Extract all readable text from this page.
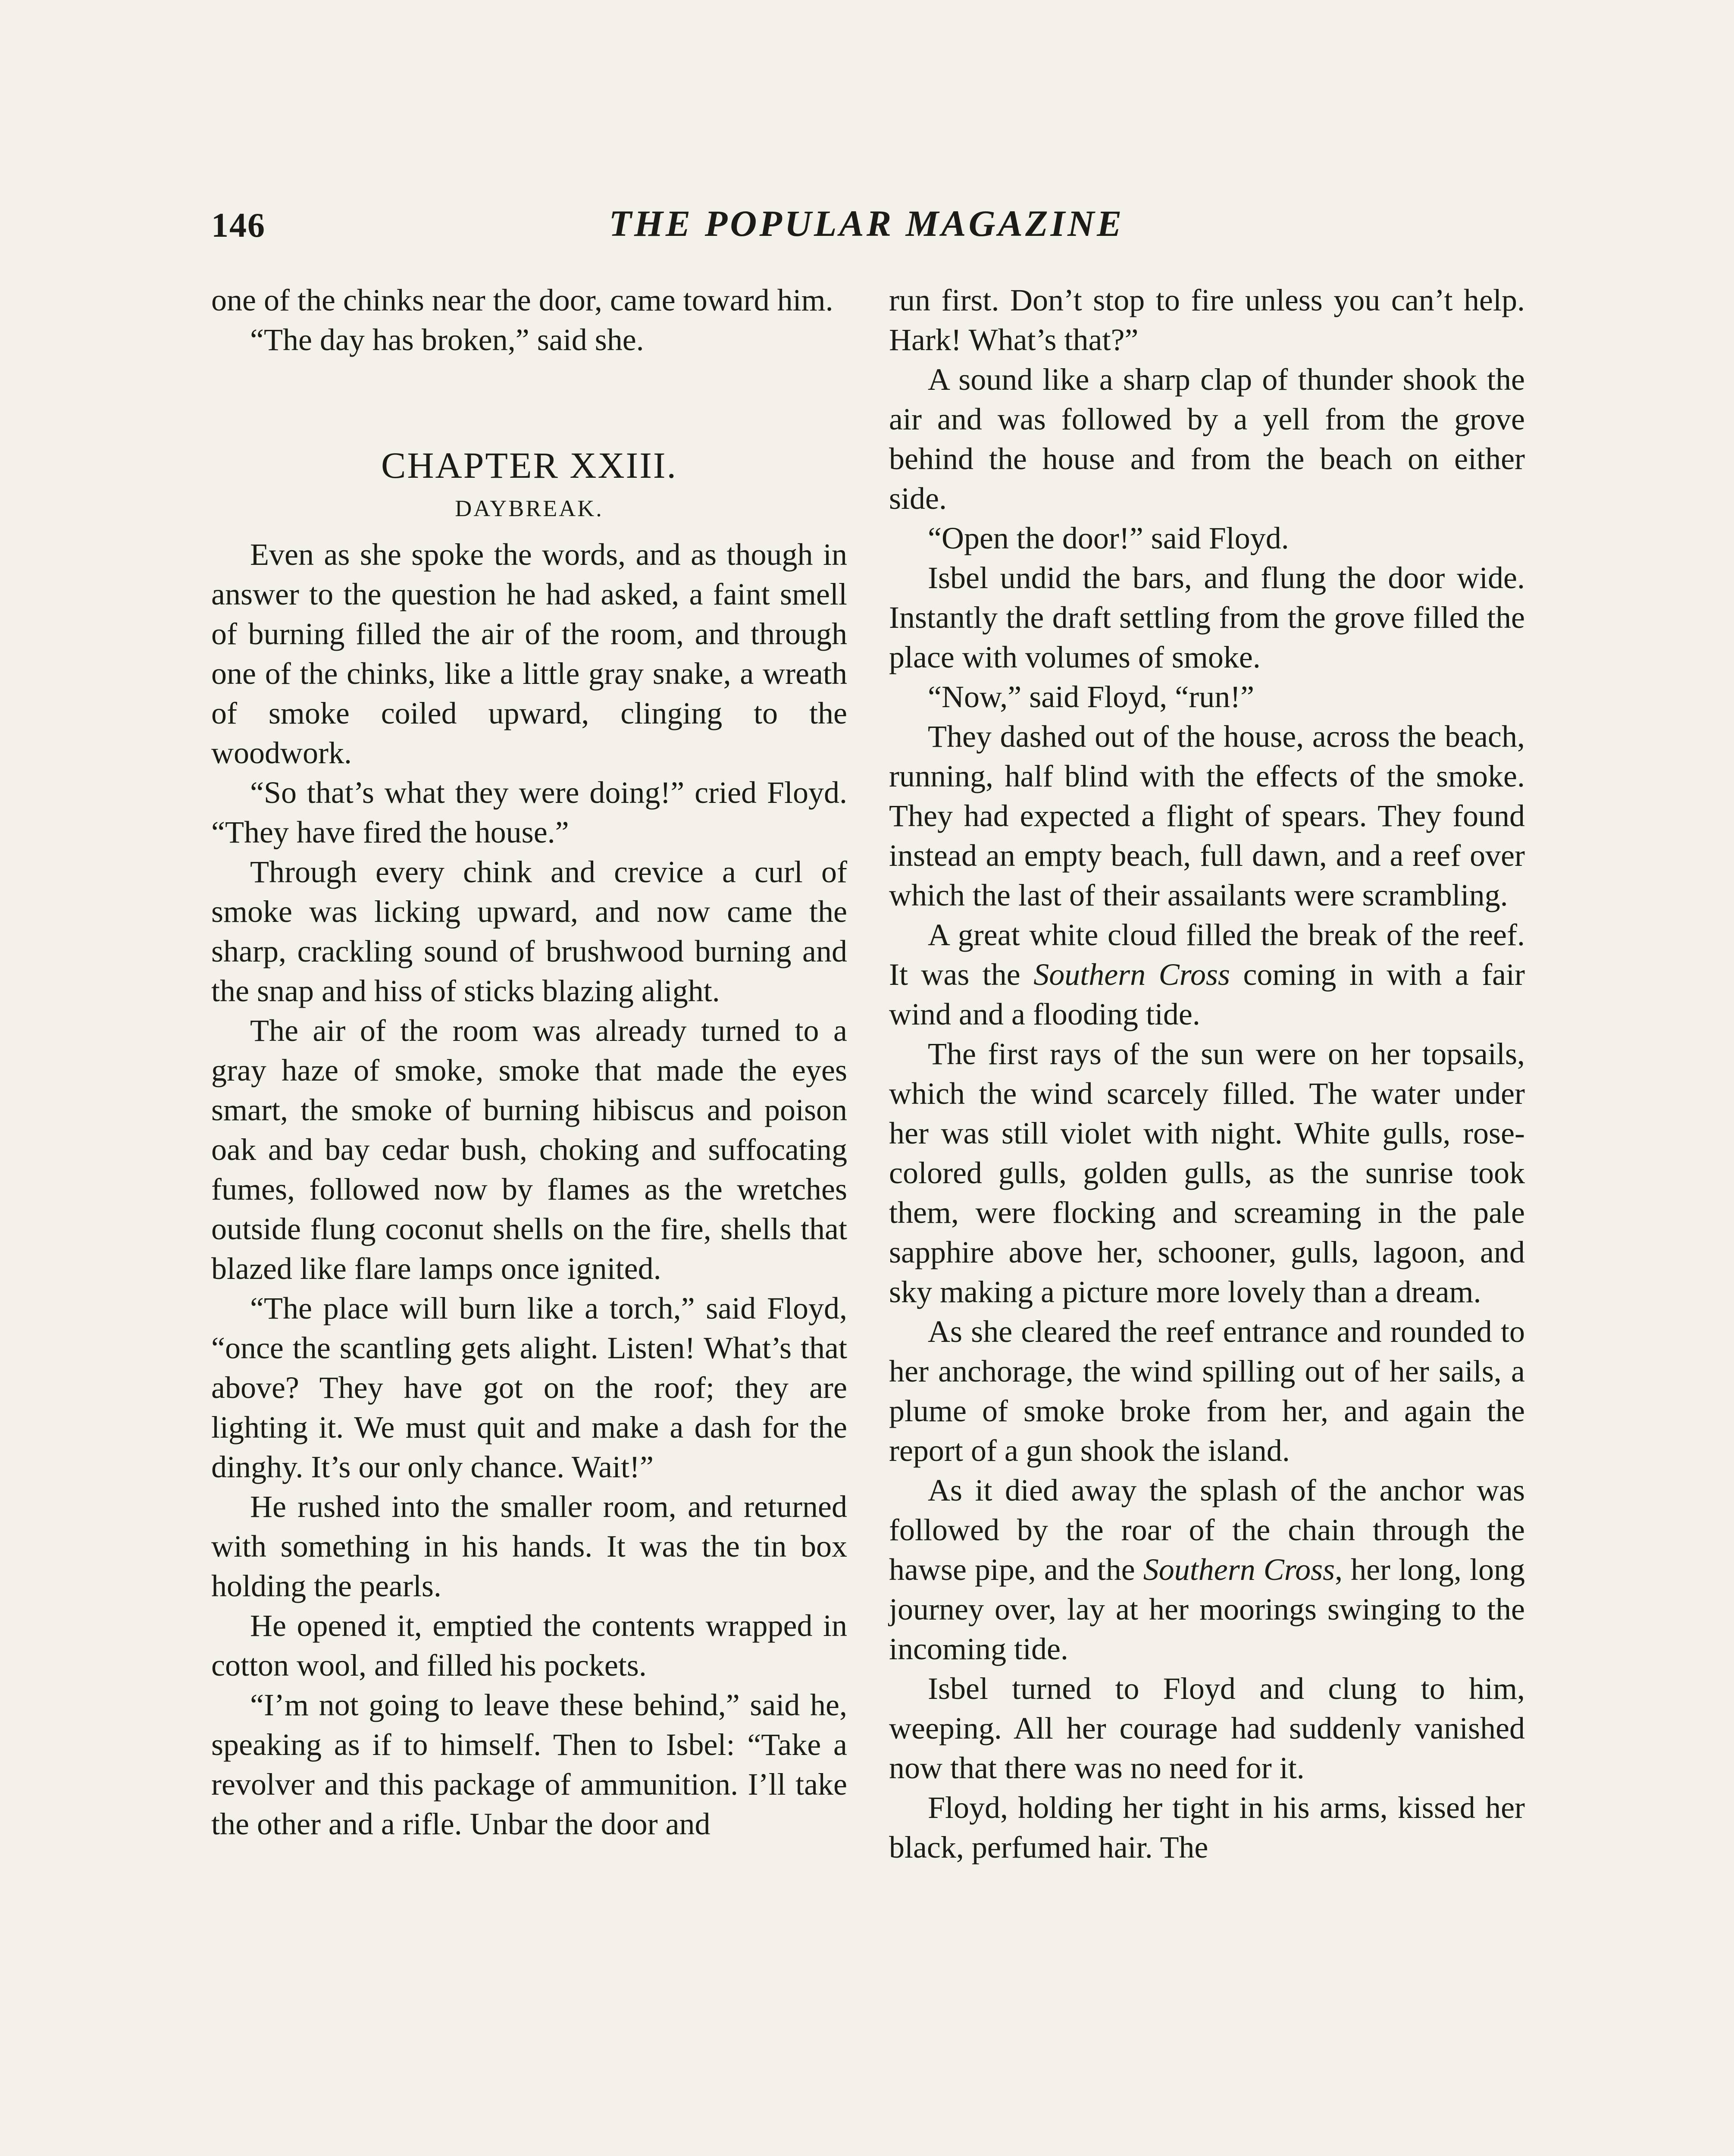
146	THE POPULAR MAGAZINE

one of the chinks near the door, came toward him.

“The day has broken,” said she.

CHAPTER XXIII.
DAYBREAK.

Even as she spoke the words, and as though in answer to the question he had asked, a faint smell of burning filled the air of the room, and through one of the chinks, like a little gray snake, a wreath of smoke coiled upward, clinging to the woodwork.

“So that’s what they were doing!” cried Floyd. “They have fired the house.”

Through every chink and crevice a curl of smoke was licking upward, and now came the sharp, crackling sound of brushwood burning and the snap and hiss of sticks blazing alight.

The air of the room was already turned to a gray haze of smoke, smoke that made the eyes smart, the smoke of burning hibiscus and poison oak and bay cedar bush, choking and suffocating fumes, followed now by flames as the wretches outside flung coconut shells on the fire, shells that blazed like flare lamps once ignited.

“The place will burn like a torch,” said Floyd, “once the scantling gets alight. Listen! What’s that above? They have got on the roof; they are lighting it. We must quit and make a dash for the dinghy. It’s our only chance. Wait!”

He rushed into the smaller room, and returned with something in his hands. It was the tin box holding the pearls.

He opened it, emptied the contents wrapped in cotton wool, and filled his pockets.

“I’m not going to leave these behind,” said he, speaking as if to himself. Then to Isbel: “Take a revolver and this package of ammunition. I’ll take the other and a rifle. Unbar the door and

run first. Don’t stop to fire unless you can’t help. Hark! What’s that?”

A sound like a sharp clap of thunder shook the air and was followed by a yell from the grove behind the house and from the beach on either side.

“Open the door!” said Floyd.

Isbel undid the bars, and flung the door wide. Instantly the draft settling from the grove filled the place with volumes of smoke.

“Now,” said Floyd, “run!”

They dashed out of the house, across the beach, running, half blind with the effects of the smoke. They had expected a flight of spears. They found instead an empty beach, full dawn, and a reef over which the last of their assailants were scrambling.

A great white cloud filled the break of the reef. It was the Southern Cross coming in with a fair wind and a flooding tide.

The first rays of the sun were on her topsails, which the wind scarcely filled. The water under her was still violet with night. White gulls, rose-colored gulls, golden gulls, as the sunrise took them, were flocking and screaming in the pale sapphire above her, schooner, gulls, lagoon, and sky making a picture more lovely than a dream.

As she cleared the reef entrance and rounded to her anchorage, the wind spilling out of her sails, a plume of smoke broke from her, and again the report of a gun shook the island.

As it died away the splash of the anchor was followed by the roar of the chain through the hawse pipe, and the Southern Cross, her long, long journey over, lay at her moorings swinging to the incoming tide.

Isbel turned to Floyd and clung to him, weeping. All her courage had suddenly vanished now that there was no need for it.

Floyd, holding her tight in his arms, kissed her black, perfumed hair. The
